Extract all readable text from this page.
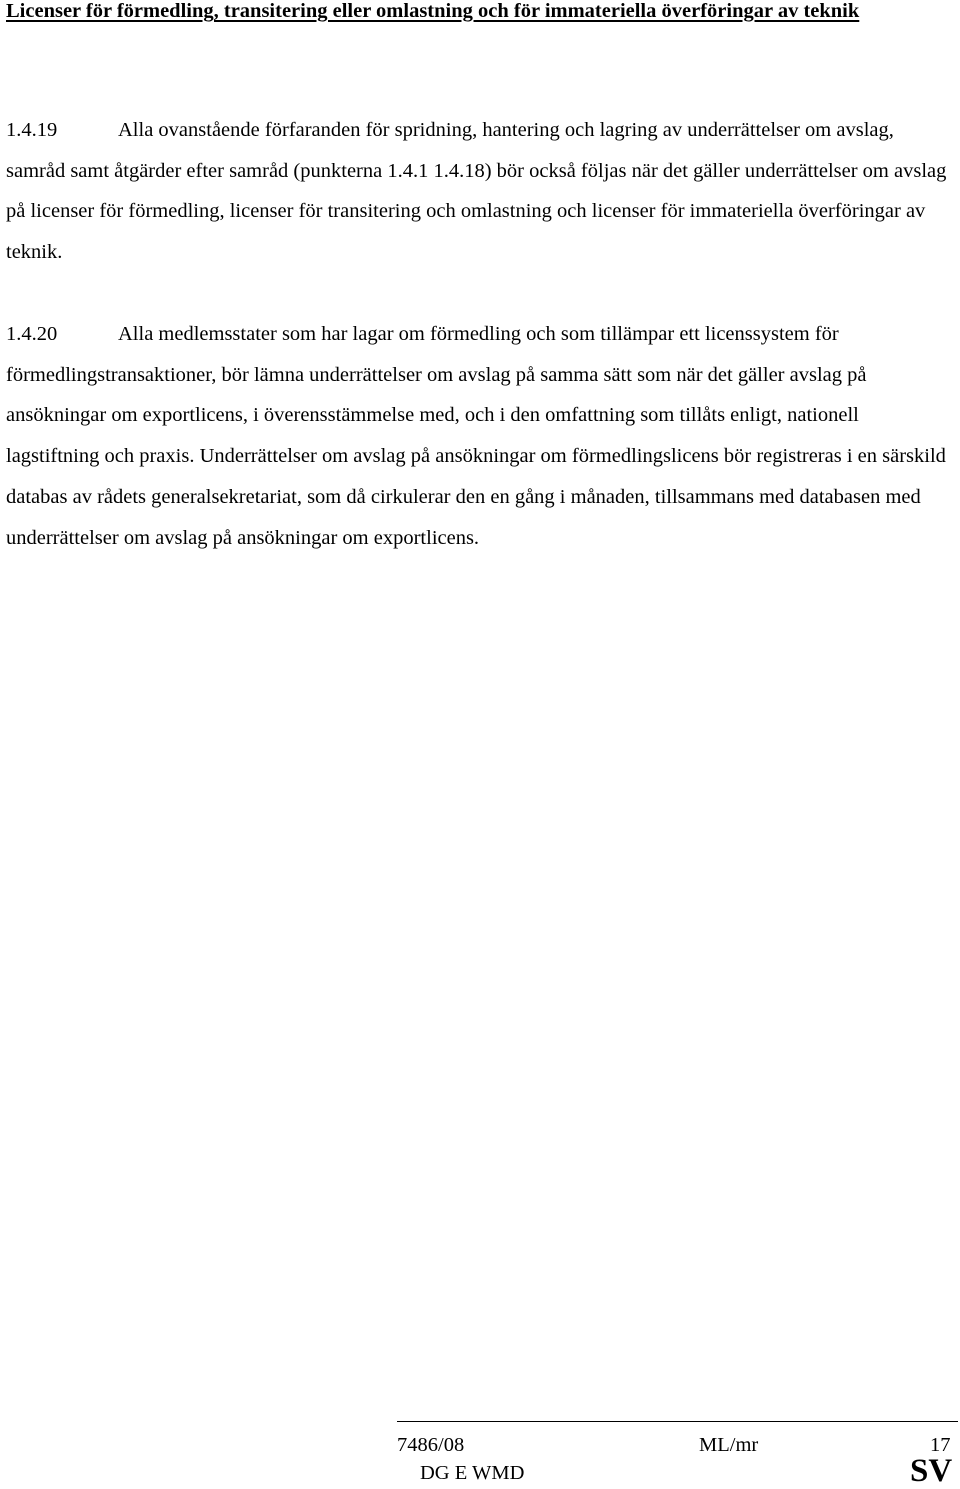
Licenser för förmedling, transitering eller omlastning och för immateriella överföringar av teknik

1.4.19	Alla ovanstående förfaranden för spridning, hantering och lagring av underrättelser om avslag, samråd samt åtgärder efter samråd (punkterna 1.4.1 1.4.18) bör också följas när det gäller underrättelser om avslag på licenser för förmedling, licenser för transitering och omlastning och licenser för immateriella överföringar av teknik.

1.4.20	Alla medlemsstater som har lagar om förmedling och som tillämpar ett licenssystem för förmedlingstransaktioner, bör lämna underrättelser om avslag på samma sätt som när det gäller avslag på ansökningar om exportlicens, i överensstämmelse med, och i den omfattning som tillåts enligt, nationell lagstiftning och praxis. Underrättelser om avslag på ansökningar om förmedlingslicens bör registreras i en särskild databas av rådets generalsekretariat, som då cirkulerar den en gång i månaden, tillsammans med databasen med underrättelser om avslag på ansökningar om exportlicens.

7486/08	ML/mr	17
DG E WMD	SV
